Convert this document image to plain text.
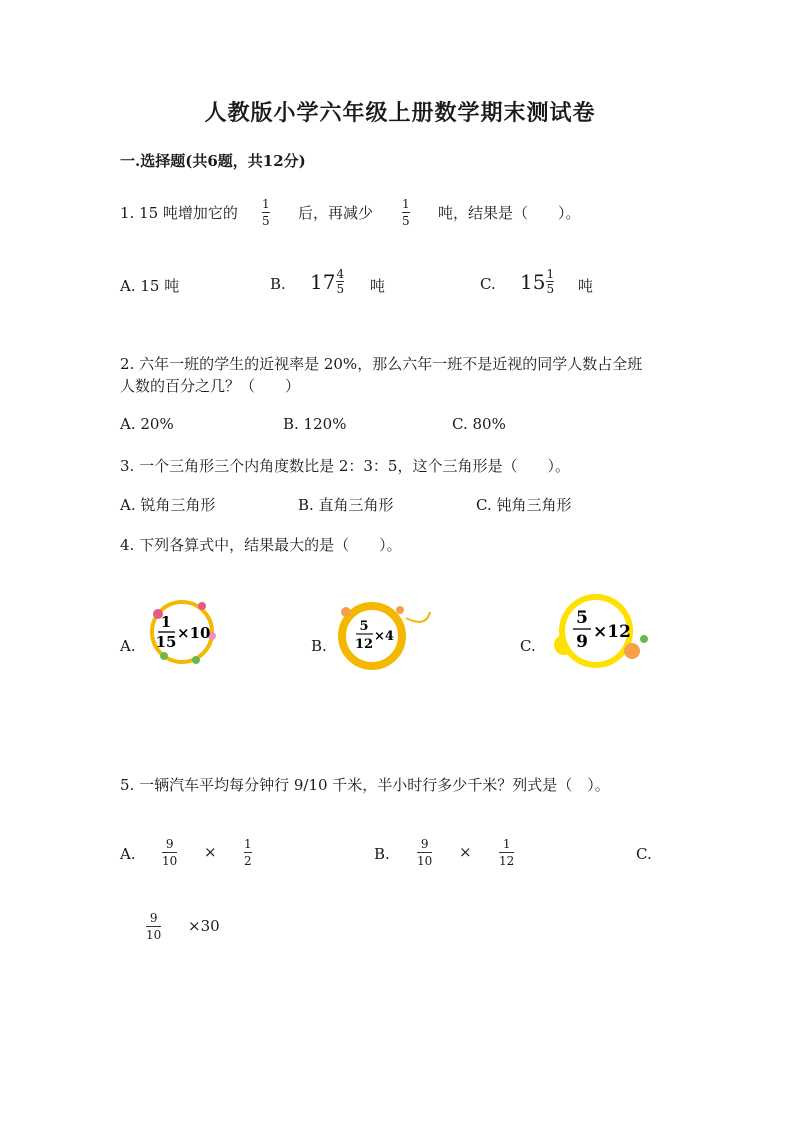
人教版小学六年级上册数学期末测试卷
一.选择题(共6题，共12分)
1. 15 吨增加它的 1
5 后，再减少 1
5 吨，结果是（　　）。
A. 15 吨	B. 17 4
5 吨	C. 15 1
5 吨
2. 六年一班的学生的近视率是 20%，那么六年一班不是近视的同学人数占全班
人数的百分之几？（　　）
A. 20%	B. 120%	C. 80%
3. 一个三角形三个内角度数比是 2：3：5，这个三角形是（　　）。
A. 锐角三角形	B. 直角三角形	C. 钝角三角形
4. 下列各算式中，结果最大的是（　　）。
A.
1
15 ×10
B.
5
12
×4
C.
5
9 ×12
5. 一辆汽车平均每分钟行 9/10 千米，半小时行多少千米？列式是（　）。
A.
9
10 × 1
2	B.
9
10 ×	1
12	C.
9
10 ×30
